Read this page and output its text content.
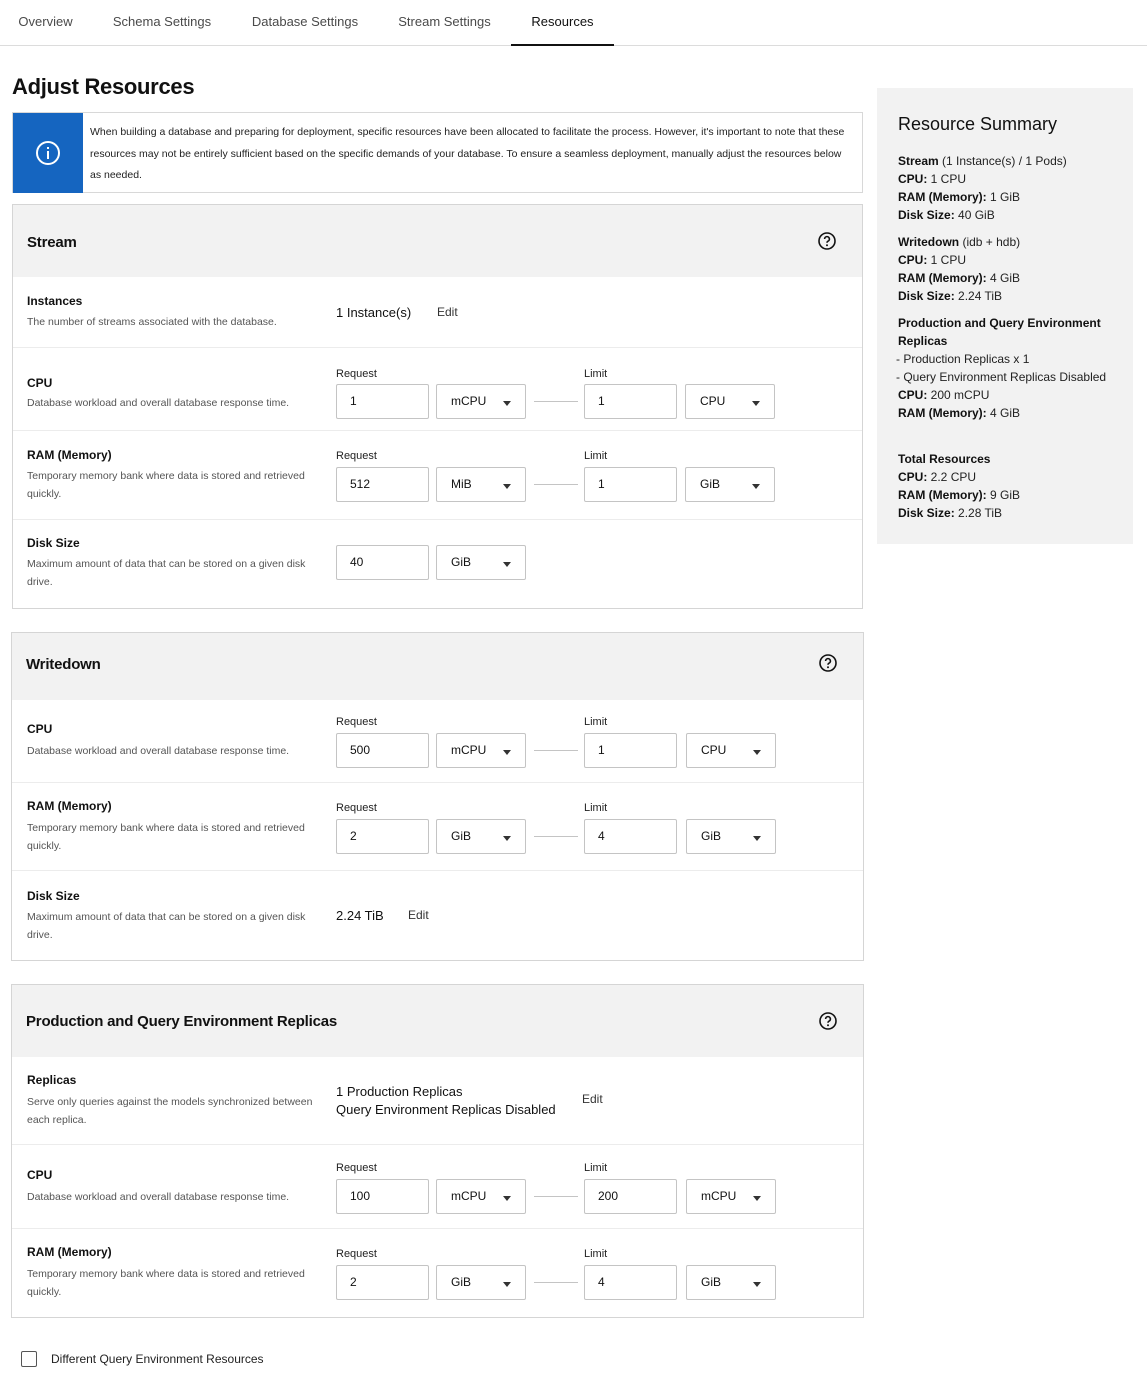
Overview	Schema Settings	Database Settings	Stream Settings	Resources
Adjust Resources
When building a database and preparing for deployment, specific resources have been allocated to facilitate the process. However, it's important to note that these resources may not be entirely sufficient based on the specific demands of your database. To ensure a seamless deployment, manually adjust the resources below as needed.
Stream
Instances
The number of streams associated with the database.
1 Instance(s) Edit
CPU
Database workload and overall database response time.
Request
1	mCPU
Limit
1	CPU
RAM (Memory)
Temporary memory bank where data is stored and retrieved quickly.
Request
512	MiB
Limit
1	GiB
Disk Size
Maximum amount of data that can be stored on a given disk drive.
40	GiB
Writedown
CPU
Database workload and overall database response time.
Request
500	mCPU
Limit
1	CPU
RAM (Memory)
Temporary memory bank where data is stored and retrieved quickly.
Request
2	GiB
Limit
4	GiB
Disk Size
Maximum amount of data that can be stored on a given disk drive.
2.24 TiB Edit
Production and Query Environment Replicas
Replicas
Serve only queries against the models synchronized between each replica.
1 Production Replicas
Query Environment Replicas Disabled
Edit
CPU
Database workload and overall database response time.
Request
100	mCPU
Limit
200	mCPU
RAM (Memory)
Temporary memory bank where data is stored and retrieved quickly.
Request
2	GiB
Limit
4	GiB
Different Query Environment Resources
Resource Summary
Stream (1 Instance(s) / 1 Pods)
CPU: 1 CPU
RAM (Memory): 1 GiB
Disk Size: 40 GiB
Writedown (idb + hdb)
CPU: 1 CPU
RAM (Memory): 4 GiB
Disk Size: 2.24 TiB
Production and Query Environment
Replicas
- Production Replicas x 1
- Query Environment Replicas Disabled
CPU: 200 mCPU
RAM (Memory): 4 GiB
Total Resources
CPU: 2.2 CPU
RAM (Memory): 9 GiB
Disk Size: 2.28 TiB
